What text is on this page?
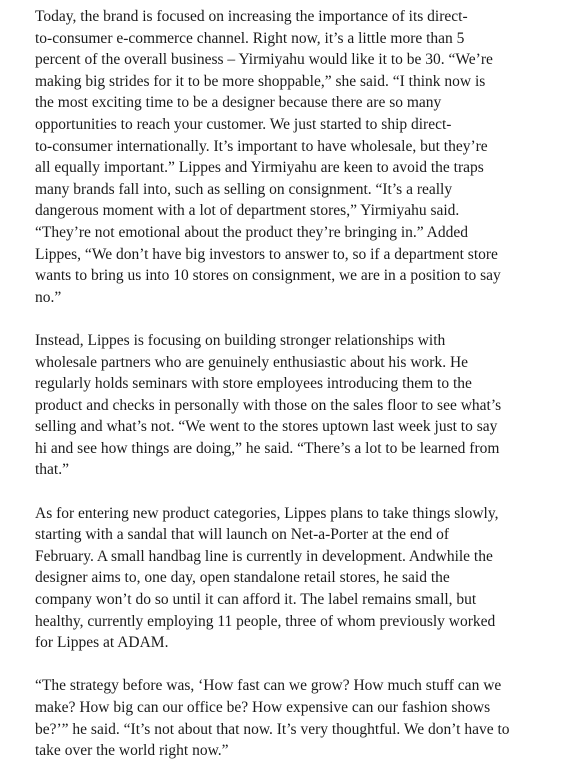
Today, the brand is focused on increasing the importance of its direct-
to-consumer e-commerce channel. Right now, it’s a little more than 5
percent of the overall business – Yirmiyahu would like it to be 30. “We’re
making big strides for it to be more shoppable,” she said. “I think now is
the most exciting time to be a designer because there are so many
opportunities to reach your customer. We just started to ship direct-
to-consumer internationally. It’s important to have wholesale, but they’re
all equally important.” Lippes and Yirmiyahu are keen to avoid the traps
many brands fall into, such as selling on consignment. “It’s a really
dangerous moment with a lot of department stores,” Yirmiyahu said.
“They’re not emotional about the product they’re bringing in.” Added
Lippes, “We don’t have big investors to answer to, so if a department store
wants to bring us into 10 stores on consignment, we are in a position to say
no.”

Instead, Lippes is focusing on building stronger relationships with
wholesale partners who are genuinely enthusiastic about his work. He
regularly holds seminars with store employees introducing them to the
product and checks in personally with those on the sales floor to see what’s
selling and what’s not. “We went to the stores uptown last week just to say
hi and see how things are doing,” he said. “There’s a lot to be learned from
that.”

As for entering new product categories, Lippes plans to take things slowly,
starting with a sandal that will launch on Net-a-Porter at the end of
February. A small handbag line is currently in development. Andwhile the
designer aims to, one day, open standalone retail stores, he said the
company won’t do so until it can afford it. The label remains small, but
healthy, currently employing 11 people, three of whom previously worked
for Lippes at ADAM.

“The strategy before was, ‘How fast can we grow? How much stuff can we
make? How big can our office be? How expensive can our fashion shows
be?’” he said. “It’s not about that now. It’s very thoughtful. We don’t have to
take over the world right now.”
